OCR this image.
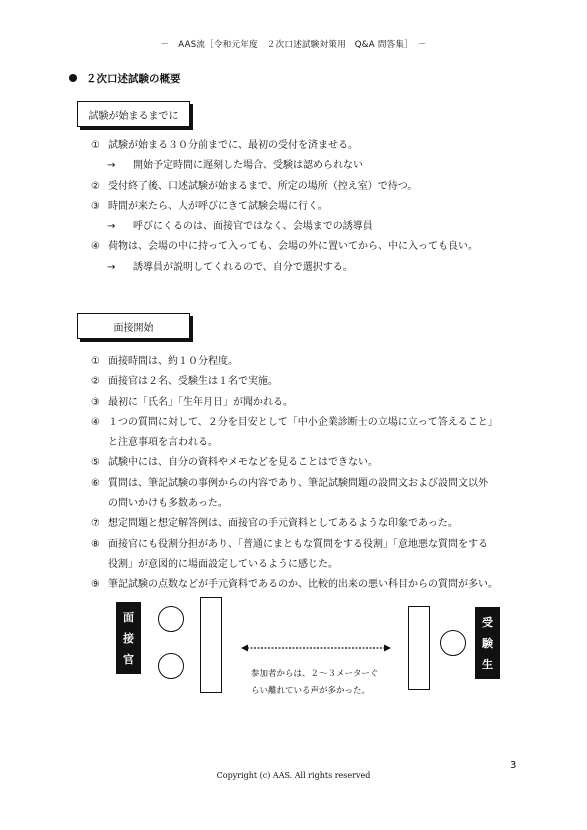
－　AAS流［令和元年度　２次口述試験対策用　Q&A 問答集］　－
２次口述試験の概要
試験が始まるまでに
① 試験が始まる３０分前までに、最初の受付を済ませる。
→ 開始予定時間に遅刻した場合、受験は認められない
② 受付終了後、口述試験が始まるまで、所定の場所（控え室）で待つ。
③ 時間が来たら、人が呼びにきて試験会場に行く。
→ 呼びにくるのは、面接官ではなく、会場までの誘導員
④ 荷物は、会場の中に持って入っても、会場の外に置いてから、中に入っても良い。
→ 誘導員が説明してくれるので、自分で選択する。
面接開始
① 面接時間は、約１０分程度。
② 面接官は２名、受験生は１名で実施。
③ 最初に「氏名」「生年月日」が聞かれる。
④ １つの質問に対して、２分を目安として「中小企業診断士の立場に立って答えること」
と注意事項を言われる。
⑤ 試験中には、自分の資料やメモなどを見ることはできない。
⑥ 質問は、筆記試験の事例からの内容であり、筆記試験問題の設問文および設問文以外
の問いかけも多数あった。
⑦ 想定問題と想定解答例は、面接官の手元資料としてあるような印象であった。
⑧ 面接官にも役割分担があり、「普通にまともな質問をする役割」「意地悪な質問をする
役割」が意図的に場面設定しているように感じた。
⑨ 筆記試験の点数などが手元資料であるのか、比較的出来の悪い科目からの質問が多い。
面
接
官
参加者からは、２～３メーターぐ
らい離れている声が多かった。
受
験
生
3
Copyright (c) AAS. All rights reserved
